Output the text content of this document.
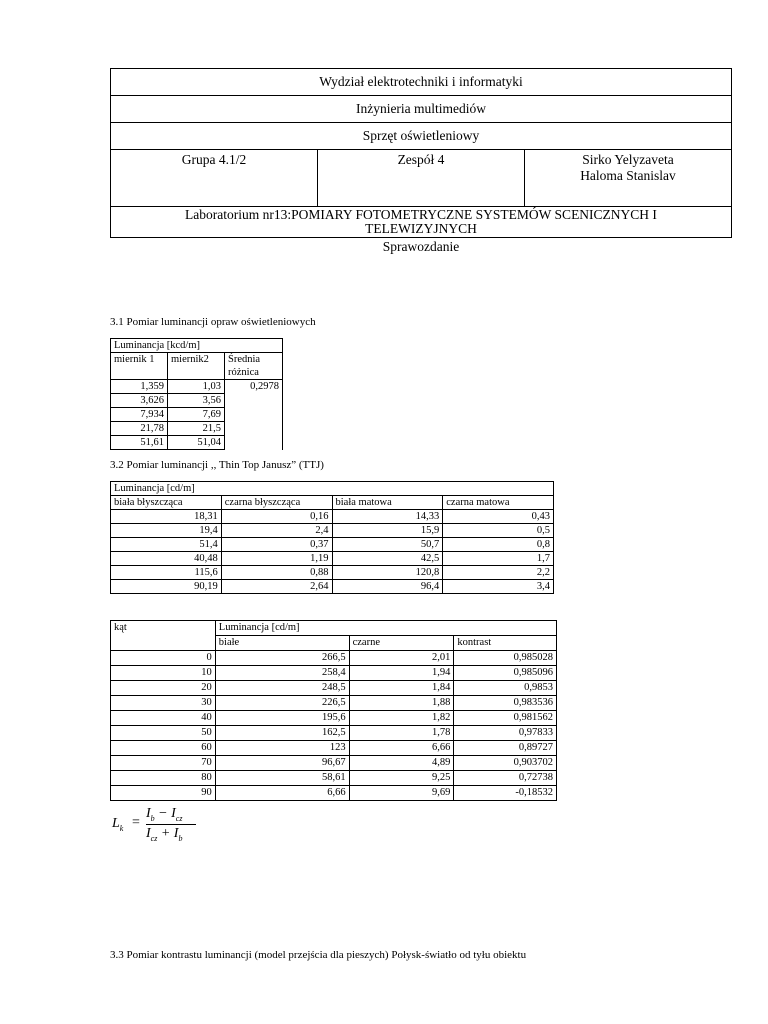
Wydział elektrotechniki i informatyki
Inżynieria multimediów
Sprzęt oświetleniowy
Grupa 4.1/2	Zespół 4	Sirko Yelyzaveta
Haloma Stanislav

Laboratorium nr13:POMIARY FOTOMETRYCZNE SYSTEMÓW SCENICZNYCH I
TELEWIZYJNYCH
Sprawozdanie
3.1 Pomiar luminancji opraw oświetleniowych
Luminancja [kcd/m]		
miernik 1	miernik2	Średnia
różnica

1,359	1,03	0,2978
3,626	3,56	
7,934	7,69	
21,78	21,5	
51,61	51,04	
3.2 Pomiar luminancji ,, Thin Top Janusz” (TTJ)
Luminancja [cd/m]			
biała błyszcząca	czarna błyszcząca	biała matowa	czarna matowa
18,31	0,16	14,33	0,43
19,4	2,4	15,9	0,5
51,4	0,37	50,7	0,8
40,48	1,19	42,5	1,7
115,6	0,88	120,8	2,2
90,19	2,64	96,4	3,4
kąt	Luminancja [cd/m]		
	białe	czarne	kontrast
0	266,5	2,01	0,985028
10	258,4	1,94	0,985096
20	248,5	1,84	0,9853
30	226,5	1,88	0,983536
40	195,6	1,82	0,981562
50	162,5	1,78	0,97833
60	123	6,66	0,89727
70	96,67	4,89	0,903702
80	58,61	9,25	0,72738
90	6,66	9,69	-0,18532
$L_k$ =
$I_b - I_{cz}$
$I_{cz} + I_b$
3.3 Pomiar kontrastu luminancji (model przejścia dla pieszych) Połysk-światło od tyłu obiektu
